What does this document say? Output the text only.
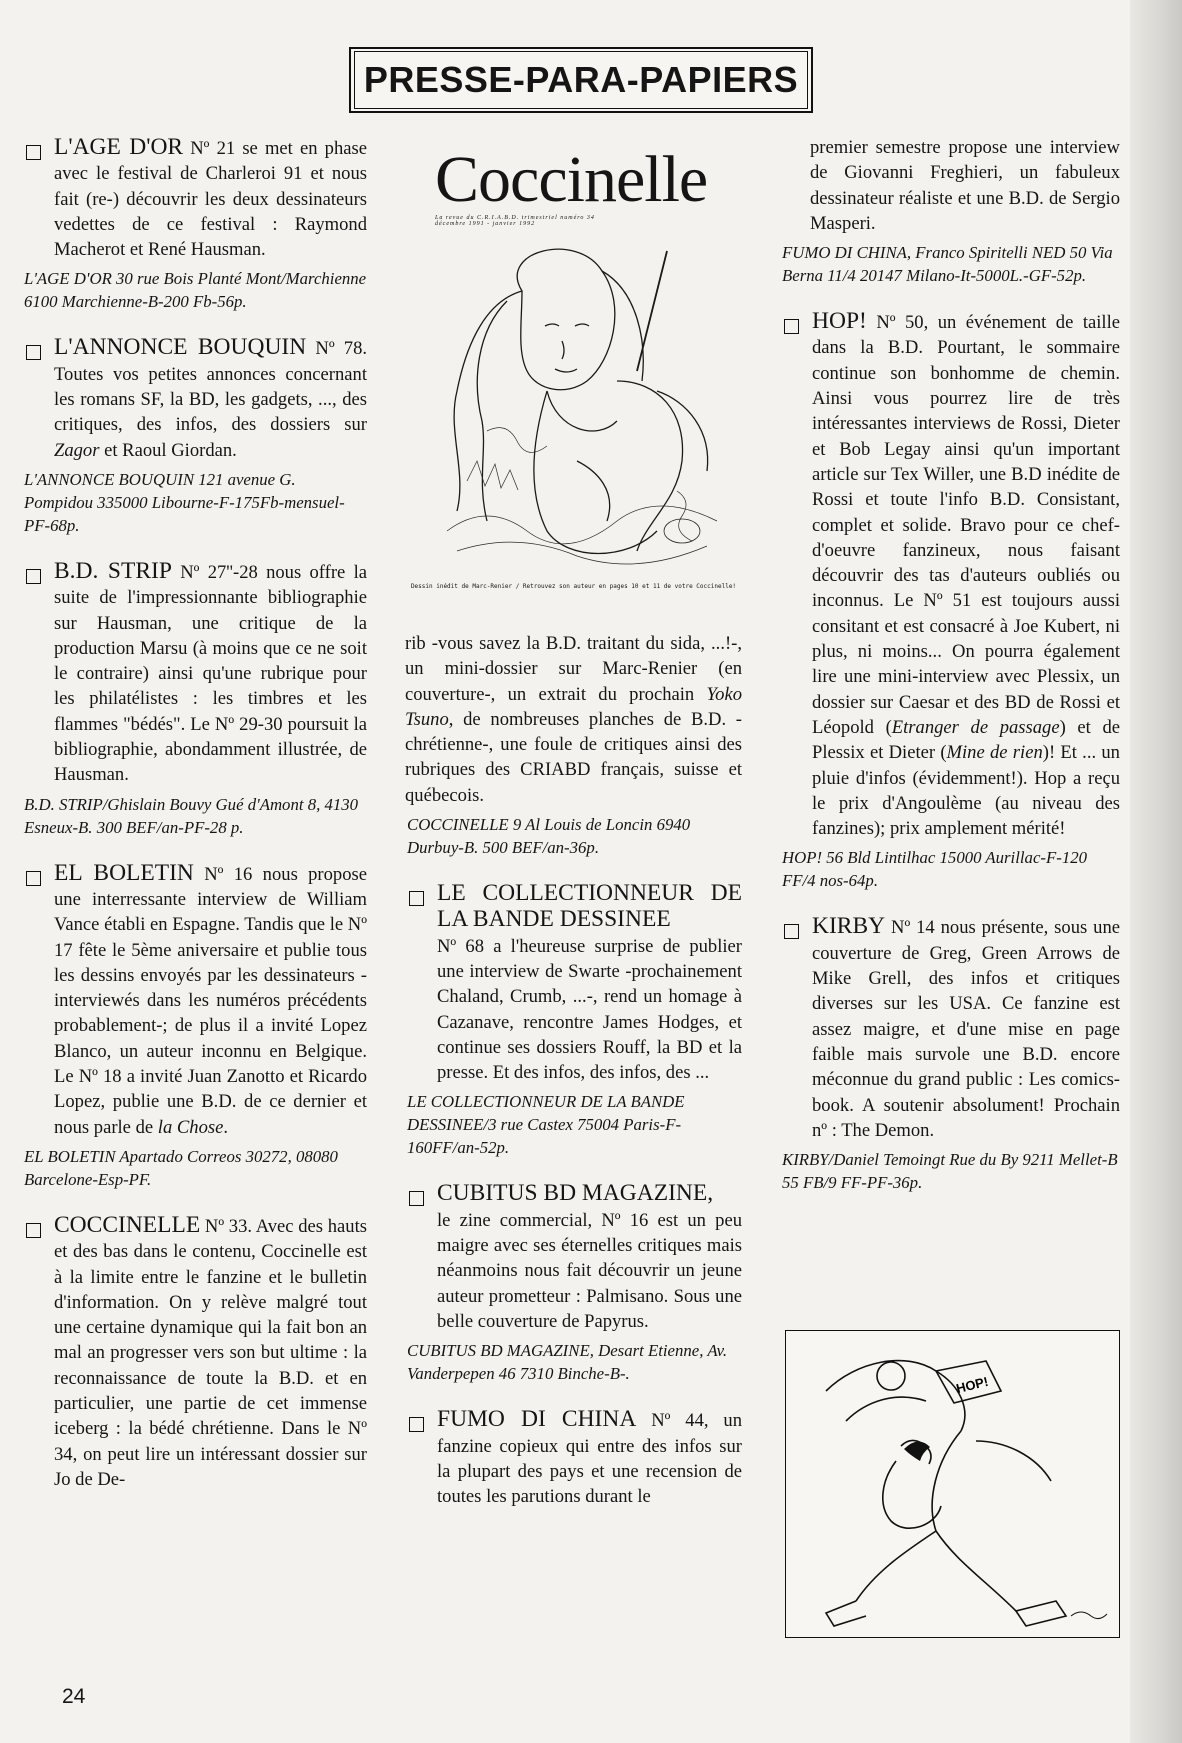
PRESSE-PARA-PAPIERS
L'AGE D'OR Nº 21 se met en phase avec le festival de Charleroi 91 et nous fait (re-) découvrir les deux dessinateurs vedettes de ce festival : Raymond Macherot et René Hausman.
L'AGE D'OR 30 rue Bois Planté Mont/Marchienne 6100 Marchienne-B-200 Fb-56p.
L'ANNONCE BOUQUIN Nº 78. Toutes vos petites annonces concernant les romans SF, la BD, les gadgets, ..., des critiques, des infos, des dossiers sur Zagor et Raoul Giordan.
L'ANNONCE BOUQUIN 121 avenue G. Pompidou 335000 Libourne-F-175Fb-mensuel-PF-68p.
B.D. STRIP Nº 27''-28 nous offre la suite de l'impressionnante bibliographie sur Hausman, une critique de la production Marsu (à moins que ce ne soit le contraire) ainsi qu'une rubrique pour les philatélistes : les timbres et les flammes "bédés". Le Nº 29-30 poursuit la bibliographie, abondamment illustrée, de Hausman.
B.D. STRIP/Ghislain Bouvy Gué d'Amont 8, 4130 Esneux-B. 300 BEF/an-PF-28 p.
EL BOLETIN Nº 16 nous propose une interressante interview de William Vance établi en Espagne. Tandis que le Nº 17 fête le 5ème aniversaire et publie tous les dessins envoyés par les dessinateurs -interviewés dans les numéros précédents probablement-; de plus il a invité Lopez Blanco, un auteur inconnu en Belgique. Le Nº 18 a invité Juan Zanotto et Ricardo Lopez, publie une B.D. de ce dernier et nous parle de la Chose.
EL BOLETIN Apartado Correos 30272, 08080 Barcelone-Esp-PF.
COCCINELLE Nº 33. Avec des hauts et des bas dans le contenu, Coccinelle est à la limite entre le fanzine et le bulletin d'information. On y relève malgré tout une certaine dynamique qui la fait bon an mal an progresser vers son but ultime : la reconnaissance de toute la B.D. et en particulier, une partie de cet immense iceberg : la bédé chrétienne. Dans le Nº 34, on peut lire un intéressant dossier sur Jo de De-
Coccinelle
La revue du C.R.I.A.B.D. trimestriel numéro 34
décembre 1991 - janvier 1992
Dessin inédit de Marc-Renier / Retrouvez son auteur en pages 10 et 11 de votre Coccinelle!
rib -vous savez la B.D. traitant du sida, ...!-, un mini-dossier sur Marc-Renier (en couverture-, un extrait du prochain Yoko Tsuno, de nombreuses planches de B.D. -chrétienne-, une foule de critiques ainsi des rubriques des CRIABD français, suisse et québecois.
COCCINELLE 9 Al Louis de Loncin 6940 Durbuy-B. 500 BEF/an-36p.
LE COLLECTIONNEUR DE LA BANDE DESSINEE
Nº 68 a l'heureuse surprise de publier une interview de Swarte -prochainement Chaland, Crumb, ...-, rend un homage à Cazanave, rencontre James Hodges, et continue ses dossiers Rouff, la BD et la presse. Et des infos, des infos, des ...
LE COLLECTIONNEUR DE LA BANDE DESSINEE/3 rue Castex 75004 Paris-F-160FF/an-52p.
CUBITUS BD MAGAZINE,
le zine commercial, Nº 16 est un peu maigre avec ses éternelles critiques mais néanmoins nous fait découvrir un jeune auteur prometteur : Palmisano. Sous une belle couverture de Papyrus.
CUBITUS BD MAGAZINE, Desart Etienne, Av. Vanderpepen 46 7310 Binche-B-.
FUMO DI CHINA Nº 44, un fanzine copieux qui entre des infos sur la plupart des pays et une recension de toutes les parutions durant le
premier semestre propose une interview de Giovanni Freghieri, un fabuleux dessinateur réaliste et une B.D. de Sergio Masperi.
FUMO DI CHINA, Franco Spiritelli NED 50 Via Berna 11/4 20147 Milano-It-5000L.-GF-52p.
HOP! Nº 50, un événement de taille dans la B.D. Pourtant, le sommaire continue son bonhomme de chemin. Ainsi vous pourrez lire de très intéressantes interviews de Rossi, Dieter et Bob Legay ainsi qu'un important article sur Tex Willer, une B.D inédite de Rossi et toute l'info B.D. Consistant, complet et solide. Bravo pour ce chef-d'oeuvre fanzineux, nous faisant découvrir des tas d'auteurs oubliés ou inconnus. Le Nº 51 est toujours aussi consitant et est consacré à Joe Kubert, ni plus, ni moins... On pourra également lire une mini-interview avec Plessix, un dossier sur Caesar et des BD de Rossi et Léopold (Etranger de passage) et de Plessix et Dieter (Mine de rien)! Et ... un pluie d'infos (évidemment!). Hop a reçu le prix d'Angoulème (au niveau des fanzines); prix amplement mérité!
HOP! 56 Bld Lintilhac 15000 Aurillac-F-120 FF/4 nos-64p.
KIRBY Nº 14 nous présente, sous une couverture de Greg, Green Arrows de Mike Grell, des infos et critiques diverses sur les USA. Ce fanzine est assez maigre, et d'une mise en page faible mais survole une B.D. encore méconnue du grand public : Les comics-book. A soutenir absolument! Prochain nº : The Demon.
KIRBY/Daniel Temoingt Rue du By 9211 Mellet-B 55 FB/9 FF-PF-36p.
HOP!
24
